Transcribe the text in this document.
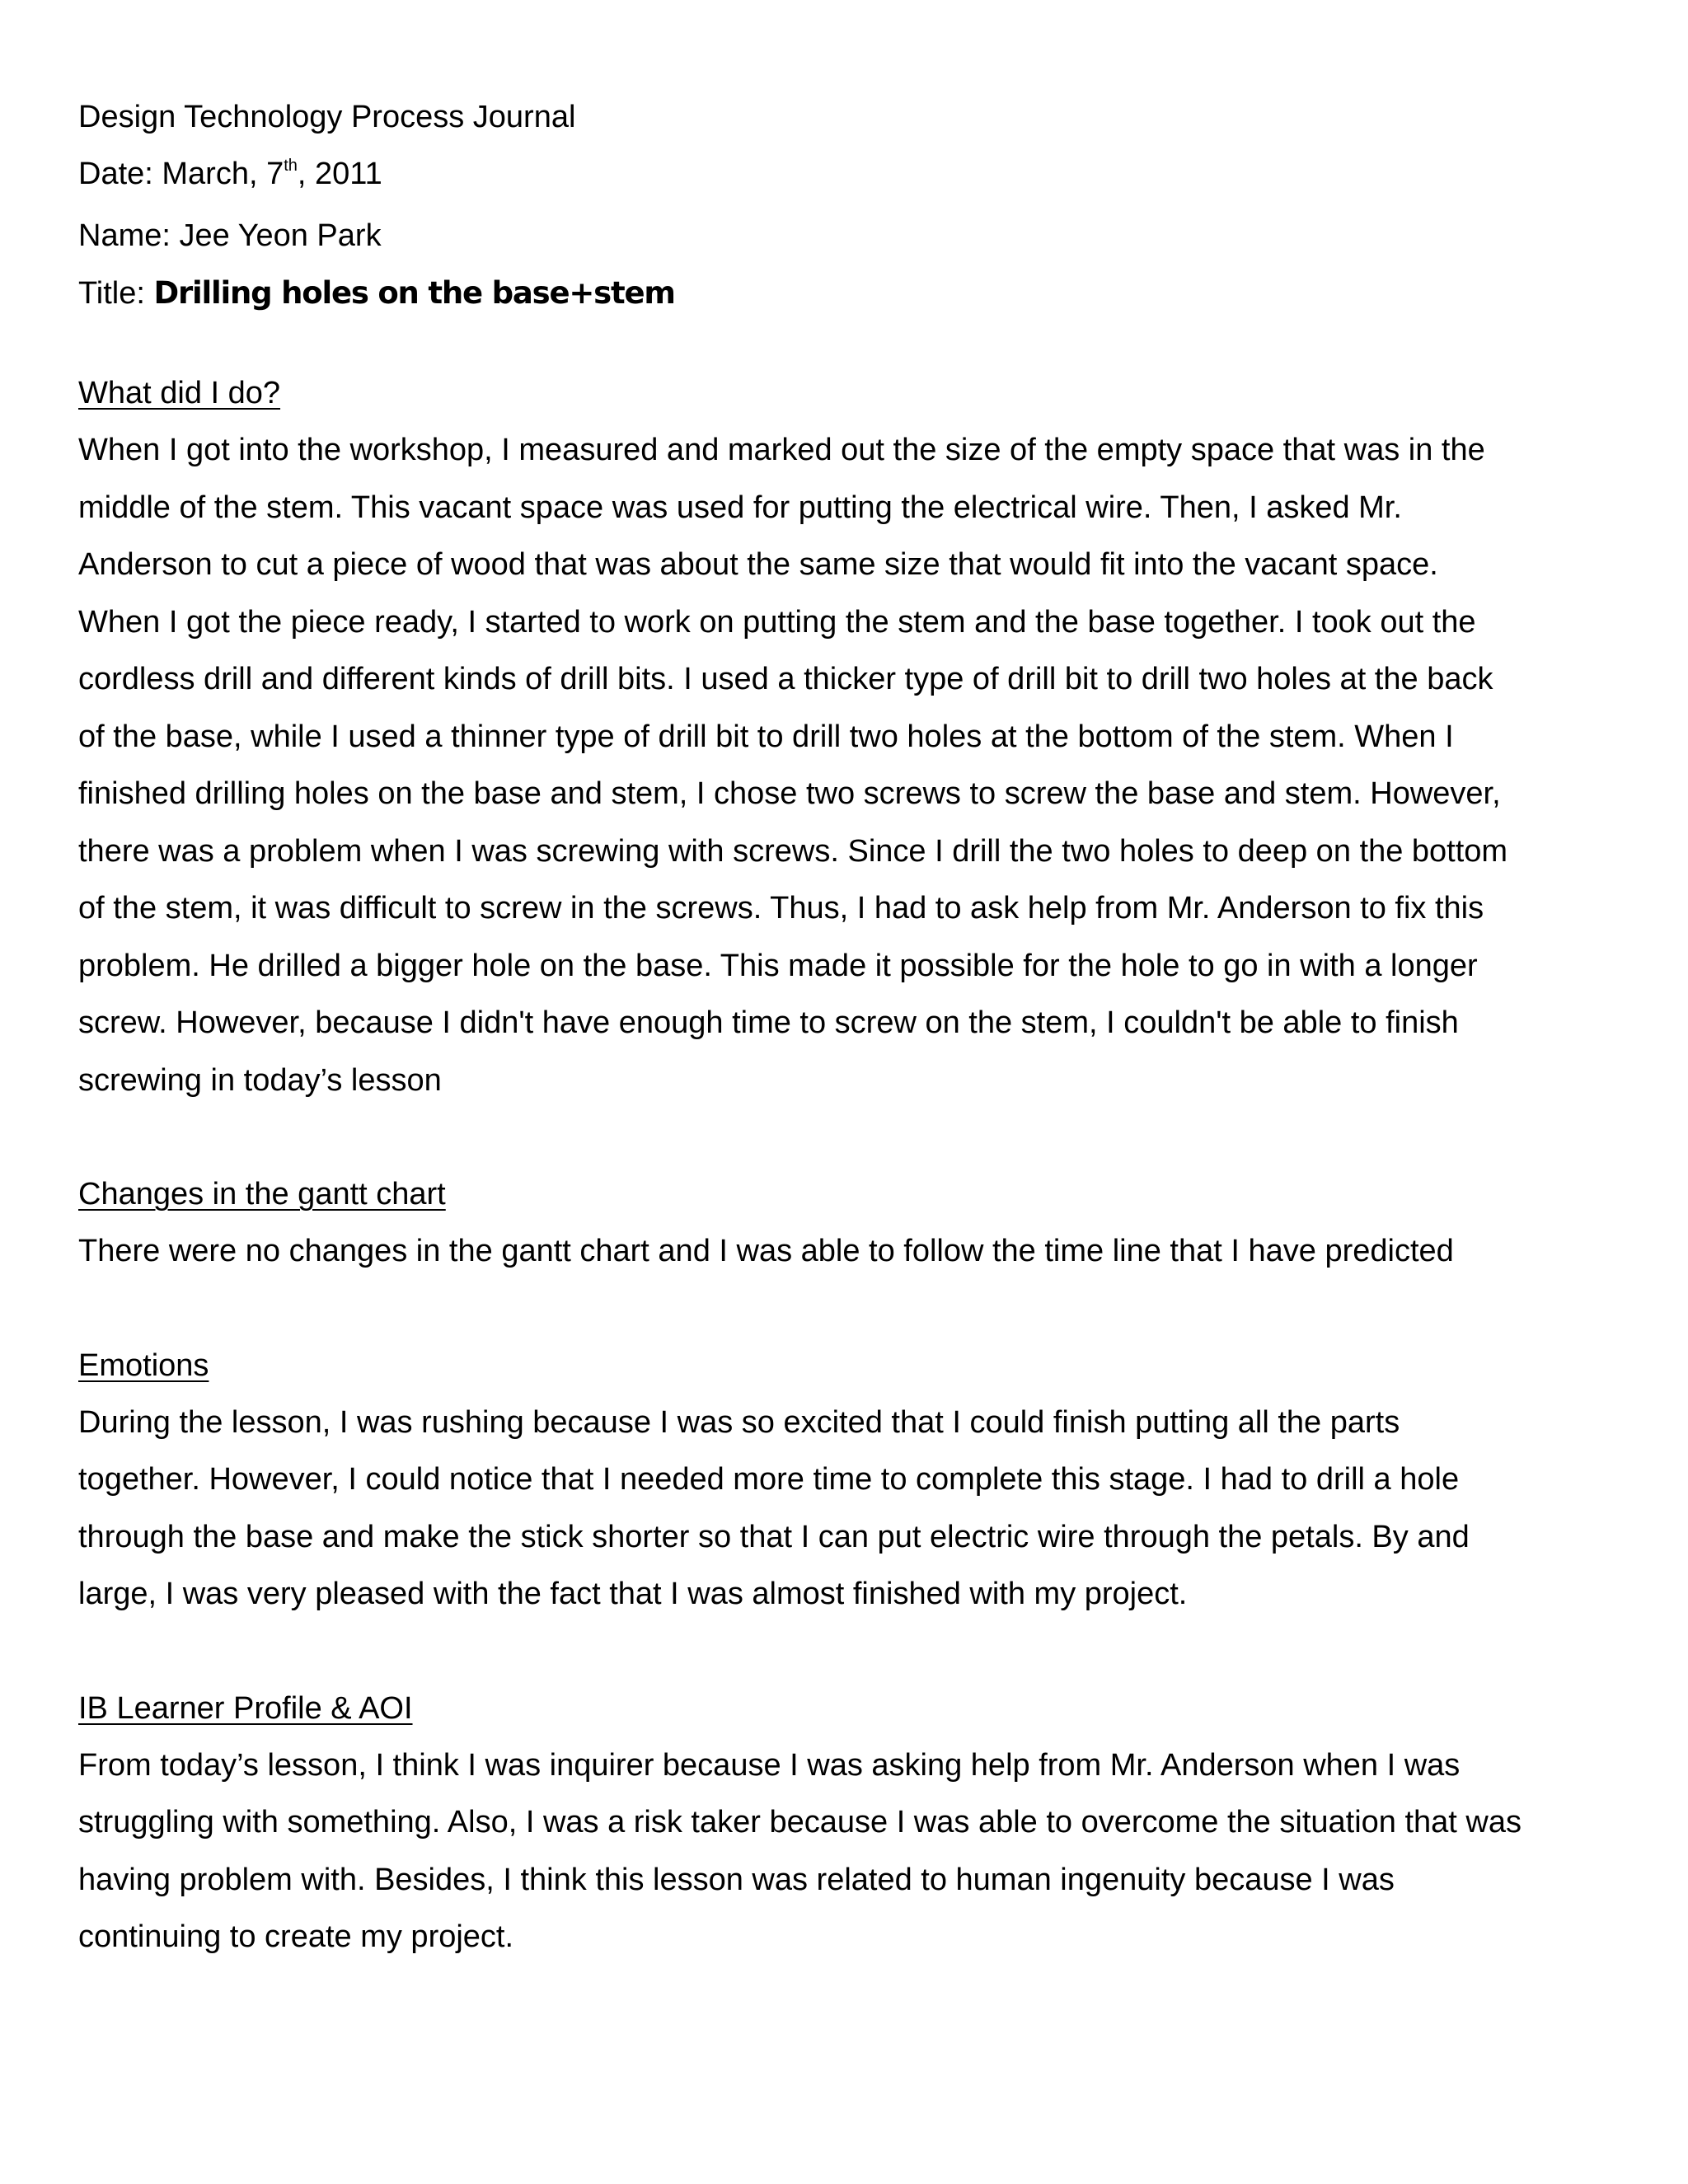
Design Technology Process Journal

Date: March, 7th, 2011

Name: Jee Yeon Park

Title: Drilling holes on the base+stem

What did I do?

When I got into the workshop, I measured and marked out the size of the empty space that was in the
middle of the stem. This vacant space was used for putting the electrical wire. Then, I asked Mr.
Anderson to cut a piece of wood that was about the same size that would fit into the vacant space.
When I got the piece ready, I started to work on putting the stem and the base together. I took out the
cordless drill and different kinds of drill bits. I used a thicker type of drill bit to drill two holes at the back
of the base, while I used a thinner type of drill bit to drill two holes at the bottom of the stem. When I
finished drilling holes on the base and stem, I chose two screws to screw the base and stem. However,
there was a problem when I was screwing with screws. Since I drill the two holes to deep on the bottom
of the stem, it was difficult to screw in the screws. Thus, I had to ask help from Mr. Anderson to fix this
problem. He drilled a bigger hole on the base. This made it possible for the hole to go in with a longer
screw. However, because I didn't have enough time to screw on the stem, I couldn't be able to finish
screwing in today’s lesson

Changes in the gantt chart

There were no changes in the gantt chart and I was able to follow the time line that I have predicted

Emotions

During the lesson, I was rushing because I was so excited that I could finish putting all the parts
together. However, I could notice that I needed more time to complete this stage. I had to drill a hole
through the base and make the stick shorter so that I can put electric wire through the petals. By and
large, I was very pleased with the fact that I was almost finished with my project.

IB Learner Profile & AOI

From today’s lesson, I think I was inquirer because I was asking help from Mr. Anderson when I was
struggling with something. Also, I was a risk taker because I was able to overcome the situation that was
having problem with. Besides, I think this lesson was related to human ingenuity because I was
continuing to create my project.
